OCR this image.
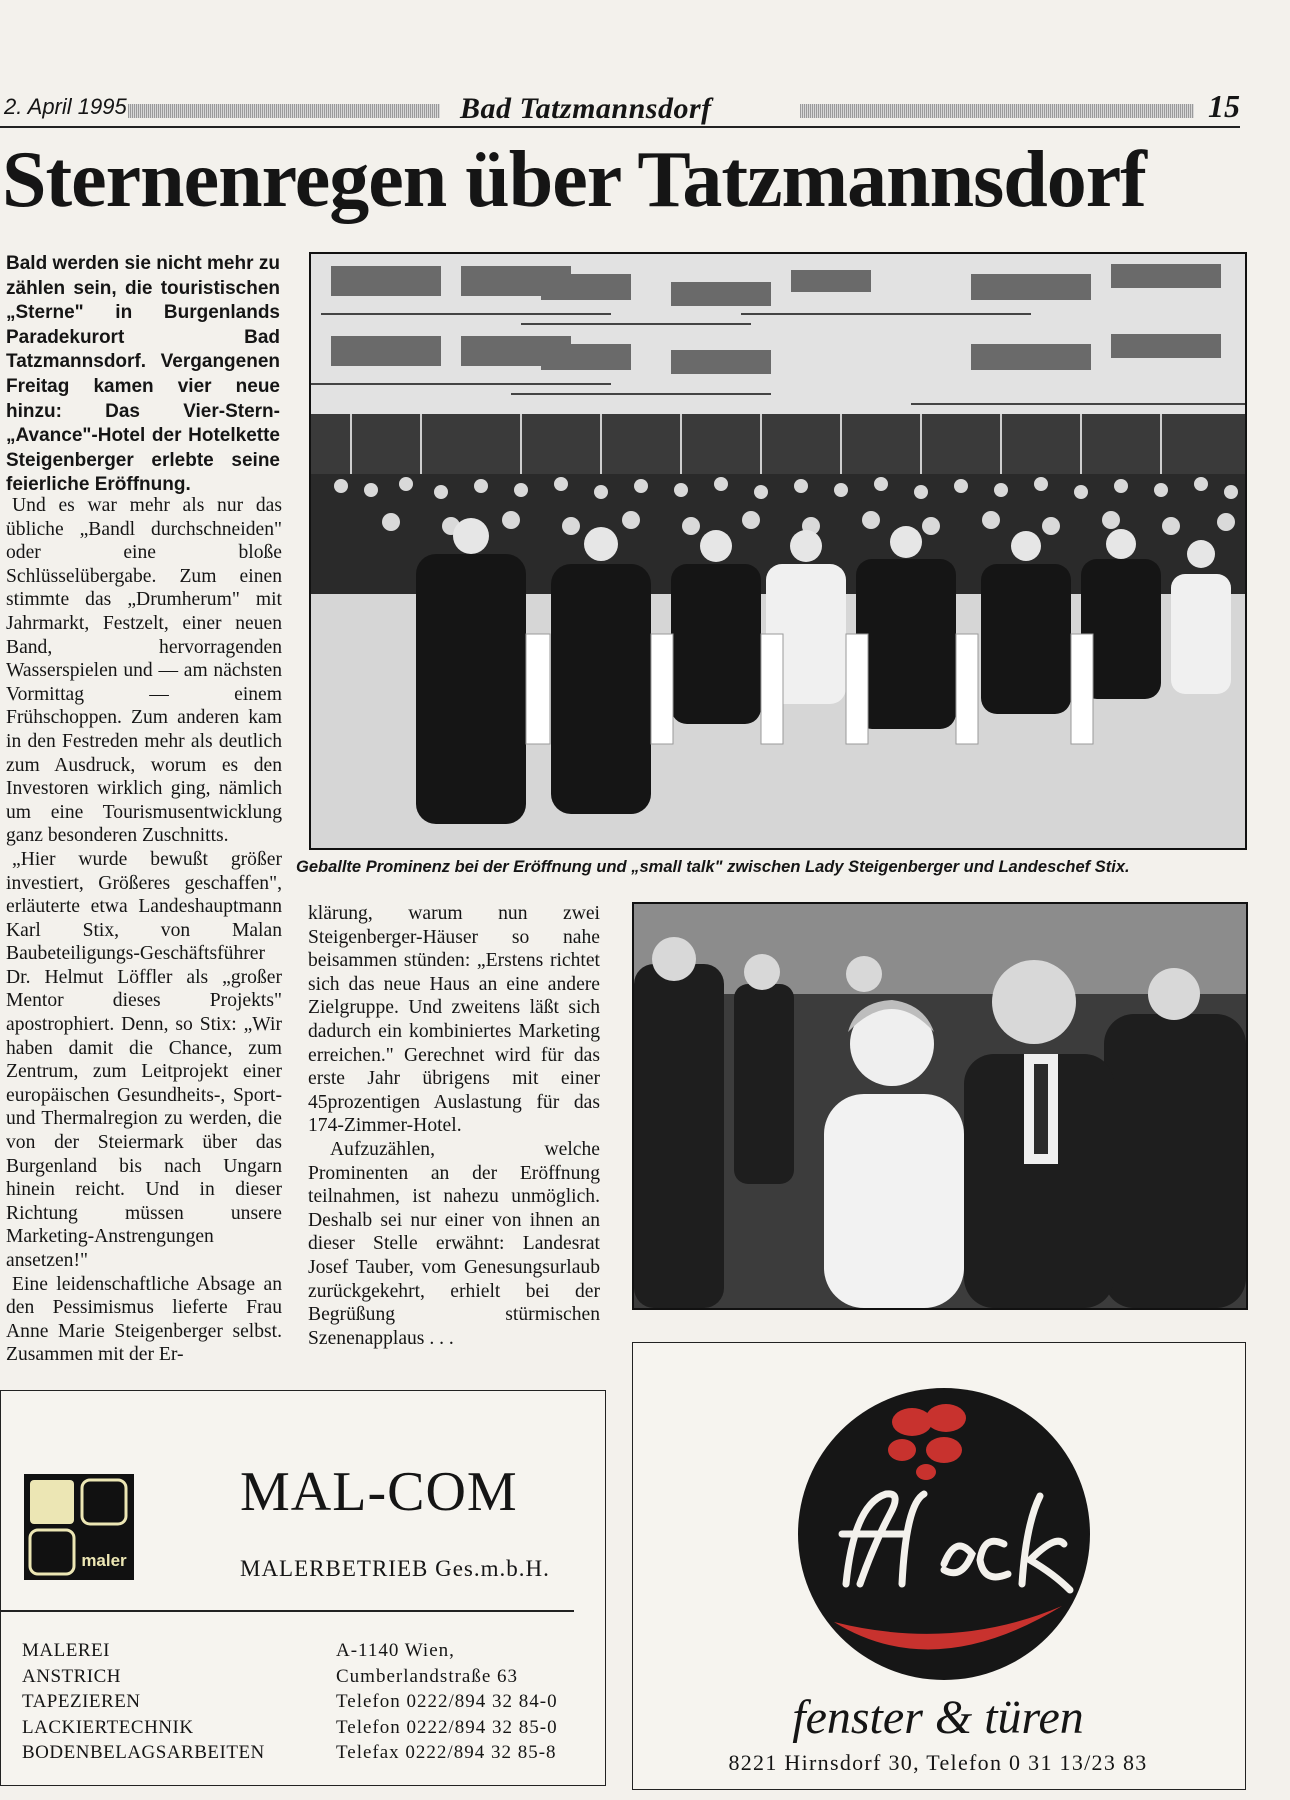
2. April 1995	Bad Tatzmannsdorf	15
Sternenregen über Tatzmannsdorf
Bald werden sie nicht mehr zu zählen sein, die touristischen „Sterne" in Burgenlands Paradekurort Bad Tatzmannsdorf. Vergangenen Freitag kamen vier neue hinzu: Das Vier-Stern-„Avance"-Hotel der Hotelkette Steigenberger erlebte seine feierliche Eröffnung.

Und es war mehr als nur das übliche „Bandl durchschneiden" oder eine bloße Schlüsselübergabe. Zum einen stimmte das „Drumherum" mit Jahrmarkt, Festzelt, einer neuen Band, hervorragenden Wasserspielen und — am nächsten Vormittag — einem Frühschoppen. Zum anderen kam in den Festreden mehr als deutlich zum Ausdruck, worum es den Investoren wirklich ging, nämlich um eine Tourismusentwicklung ganz besonderen Zuschnitts.

„Hier wurde bewußt größer investiert, Größeres geschaffen", erläuterte etwa Landeshauptmann Karl Stix, von Malan Baubeteiligungs-Geschäftsführer Dr. Helmut Löffler als „großer Mentor dieses Projekts" apostrophiert. Denn, so Stix: „Wir haben damit die Chance, zum Zentrum, zum Leitprojekt einer europäischen Gesundheits-, Sport- und Thermalregion zu werden, die von der Steiermark über das Burgenland bis nach Ungarn hinein reicht. Und in dieser Richtung müssen unsere Marketing-Anstrengungen ansetzen!"

Eine leidenschaftliche Absage an den Pessimismus lieferte Frau Anne Marie Steigenberger selbst. Zusammen mit der Er-

Geballte Prominenz bei der Eröffnung und „small talk" zwischen Lady Steigenberger und Landeschef Stix.

klärung, warum nun zwei Steigenberger-Häuser so nahe beisammen stünden: „Erstens richtet sich das neue Haus an eine andere Zielgruppe. Und zweitens läßt sich dadurch ein kombiniertes Marketing erreichen." Gerechnet wird für das erste Jahr übrigens mit einer 45prozentigen Auslastung für das 174-Zimmer-Hotel.

Aufzuzählen, welche Prominenten an der Eröffnung teilnahmen, ist nahezu unmöglich. Deshalb sei nur einer von ihnen an dieser Stelle erwähnt: Landesrat Josef Tauber, vom Genesungsurlaub zurückgekehrt, erhielt bei der Begrüßung stürmischen Szenenapplaus . . .

maler
MAL-COM
MALERBETRIEB Ges.m.b.H.
MALEREI
ANSTRICH
TAPEZIEREN
LACKIERTECHNIK
BODENBELAGSARBEITEN
A-1140 Wien,
Cumberlandstraße 63
Telefon 0222/894 32 84-0
Telefon 0222/894 32 85-0
Telefax 0222/894 32 85-8
fenster & türen
8221 Hirnsdorf 30, Telefon 0 31 13/23 83
